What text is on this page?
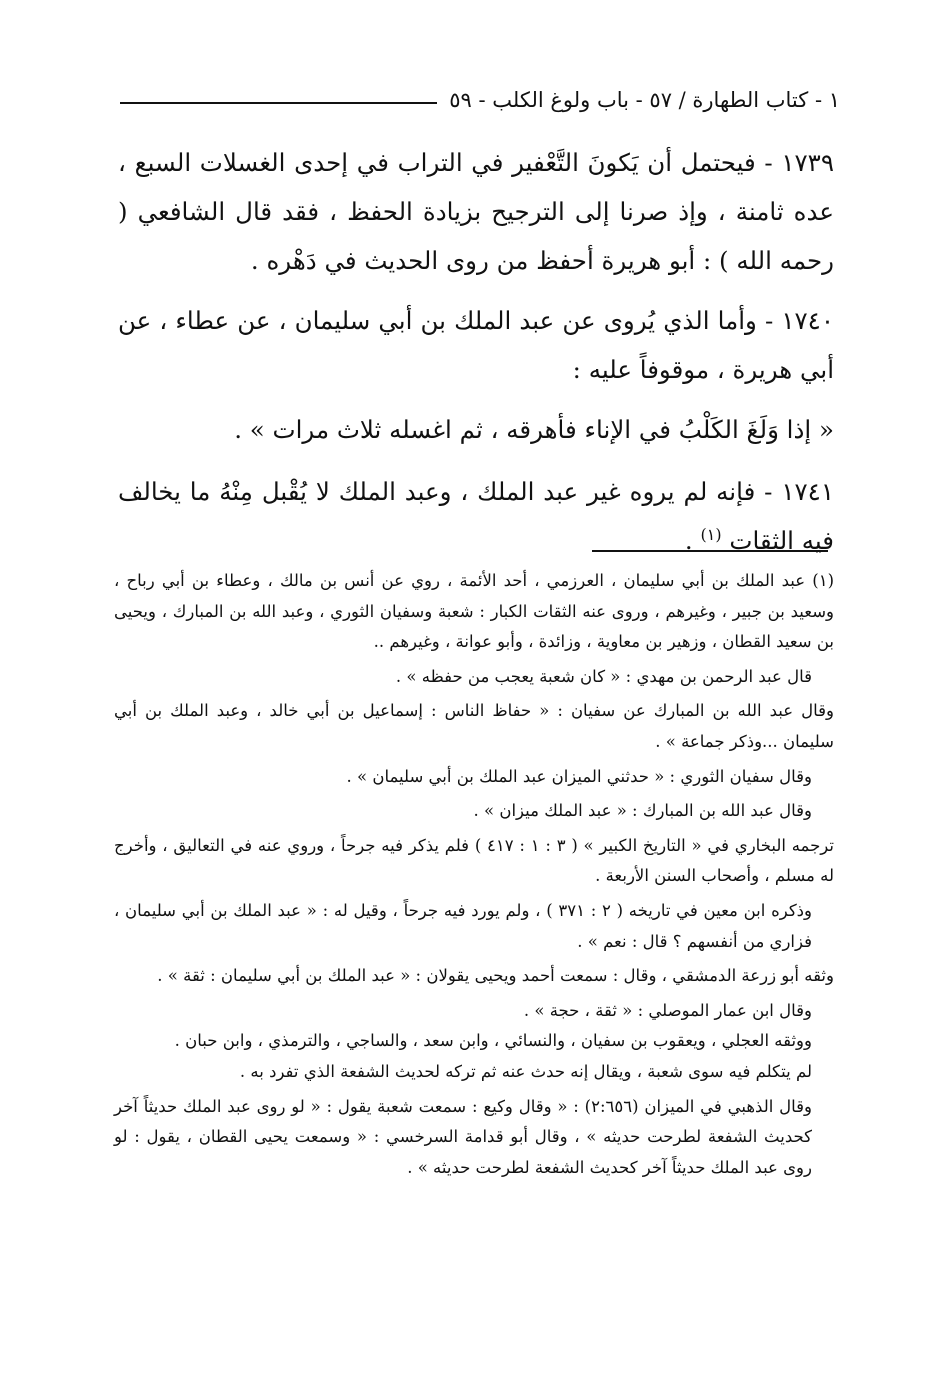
١ - كتاب الطهارة / ٥٧ - باب ولوغ الكلب - ٥٩

١٧٣٩ - فيحتمل أن يَكونَ التَّعْفير في التراب في إحدى الغسلات السبع ، عده ثامنة ، وإذ صرنا إلى الترجيح بزيادة الحفظ ، فقد قال الشافعي ( رحمه الله ) : أبو هريرة أحفظ من روى الحديث في دَهْره .

١٧٤٠ - وأما الذي يُروى عن عبد الملك بن أبي سليمان ، عن عطاء ، عن أبي هريرة ، موقوفاً عليه :

« إذا وَلَغَ الكَلْبُ في الإناء فأهرقه ، ثم اغسله ثلاث مرات » .

١٧٤١ - فإنه لم يروه غير عبد الملك ، وعبد الملك لا يُقْبل مِنْهُ ما يخالف فيه الثقات $^{(١)}$ .

(١) عبد الملك بن أبي سليمان ، العرزمي ، أحد الأئمة ، روي عن أنس بن مالك ، وعطاء بن أبي رباح ، وسعيد بن جبير ، وغيرهم ، وروى عنه الثقات الكبار : شعبة وسفيان الثوري ، وعبد الله بن المبارك ، ويحيى بن سعيد القطان ، وزهير بن معاوية ، وزائدة ، وأبو عوانة ، وغيرهم ..

قال عبد الرحمن بن مهدي : « كان شعبة يعجب من حفظه » .

وقال عبد الله بن المبارك عن سفيان : « حفاظ الناس : إسماعيل بن أبي خالد ، وعبد الملك بن أبي سليمان ...وذكر جماعة » .

وقال سفيان الثوري : « حدثني الميزان عبد الملك بن أبي سليمان » .

وقال عبد الله بن المبارك : « عبد الملك ميزان » .

ترجمه البخاري في « التاريخ الكبير » ( ٣ : ١ : ٤١٧ ) فلم يذكر فيه جرحاً ، وروي عنه في التعاليق ، وأخرج له مسلم ، وأصحاب السنن الأربعة .

وذكره ابن معين في تاريخه ( ٢ : ٣٧١ ) ، ولم يورد فيه جرحاً ، وقيل له : « عبد الملك بن أبي سليمان ، فزاري من أنفسهم ؟ قال : نعم » .

وثقه أبو زرعة الدمشقي ، وقال : سمعت أحمد ويحيى يقولان : « عبد الملك بن أبي سليمان : ثقة » .

وقال ابن عمار الموصلي : « ثقة ، حجة » .

ووثقه العجلي ، ويعقوب بن سفيان ، والنسائي ، وابن سعد ، والساجي ، والترمذي ، وابن حبان .

لم يتكلم فيه سوى شعبة ، ويقال إنه حدث عنه ثم تركه لحديث الشفعة الذي تفرد به .

وقال الذهبي في الميزان (٢:٦٥٦) : « وقال وكيع : سمعت شعبة يقول : « لو روى عبد الملك حديثاً آخر كحديث الشفعة لطرحت حديثه » ، وقال أبو قدامة السرخسي : « وسمعت يحيى القطان ، يقول : لو روى عبد الملك حديثاً آخر كحديث الشفعة لطرحت حديثه » .
